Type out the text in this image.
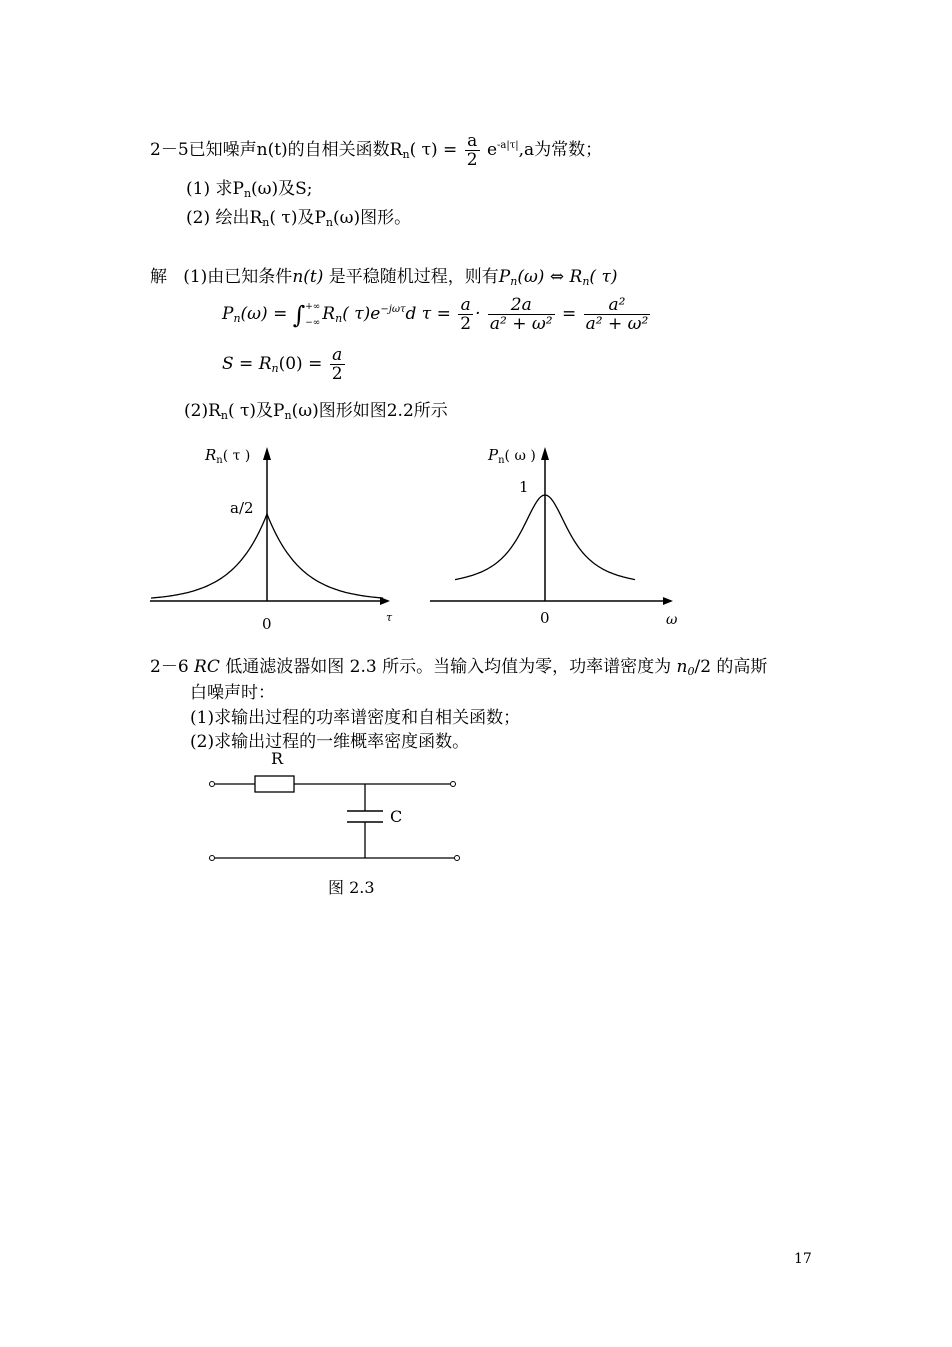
2－5已知噪声n(t)的自相关函数$R_n$( $\tau) = \frac{a}{2} e^{-a|\tau|},a$为常数；
(1) 求$P_n(\omega)$及S;
(2) 绘出$R_n$( τ)及$P_n(\omega)$图形。
解 (1)由已知条件n(t) 是平稳随机过程，则有$P_n(\omega)$ ⇔ $R_n$( τ)
$P_n(\omega)$ = ∫ +∞
−∞ $R_n$( $\tau)e^{-j\omega\tau}d$ $\tau = \frac{a}{2} \cdot \frac{2a}{\text{a² + ω²}} = \frac{\text{a²}}{\text{a² + ω²}}$
$S = R_n(0) = \frac{a}{2}$
$(2)R_n$( τ)及$P_n(\omega)$图形如图2.2所示
$R_n$( τ )
a/2
0	τ
$P_n$( ω )
1
0	ω
R
C
图 2.3
2－6 RC 低通滤波器如图 2.3 所示。当输入均值为零，功率谱密度为 $n_0/2$ 的高斯
白噪声时：
(1)求输出过程的功率谱密度和自相关函数；
(2)求输出过程的一维概率密度函数。
17
